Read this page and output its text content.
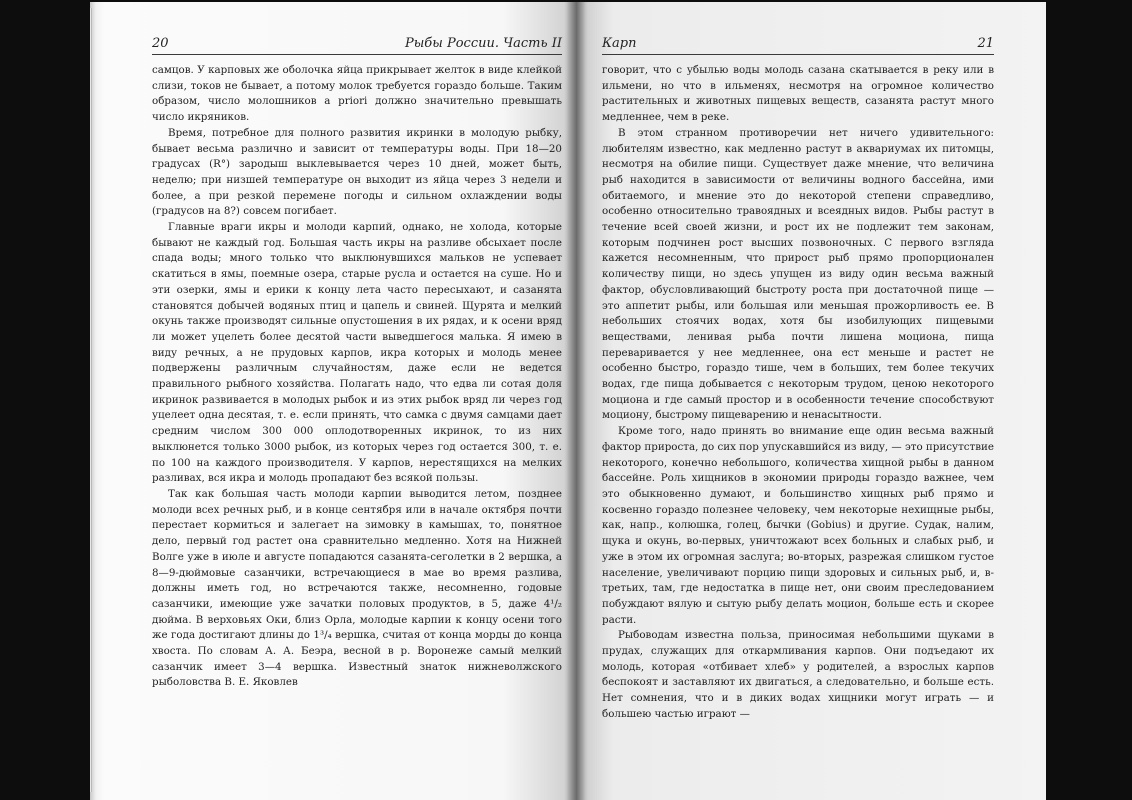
20	Рыбы России. Часть II

самцов. У карповых же оболочка яйца прикрывает желток в виде клейкой слизи, токов не бывает, а потому молок требуется гораздо больше. Таким образом, число молошников а priori должно значительно превышать число икряников.

Время, потребное для полного развития икринки в молодую рыбку, бывает весьма различно и зависит от температуры воды. При 18—20 градусах (R°) зародыш выклевывается через 10 дней, может быть, неделю; при низшей температуре он выходит из яйца через 3 недели и более, а при резкой перемене погоды и сильном охлаждении воды (градусов на 8?) совсем погибает.

Главные враги икры и молоди карпий, однако, не холода, которые бывают не каждый год. Большая часть икры на разливе обсыхает после спада воды; много только что выклюнувшихся мальков не успевает скатиться в ямы, поемные озера, старые русла и остается на суше. Но и эти озерки, ямы и ерики к концу лета часто пересыхают, и сазанята становятся добычей водяных птиц и цапель и свиней. Щурята и мелкий окунь также производят сильные опустошения в их рядах, и к осени вряд ли может уцелеть более десятой части выведшегося малька. Я имею в виду речных, а не прудовых карпов, икра которых и молодь менее подвержены различным случайностям, даже если не ведется правильного рыбного хозяйства. Полагать надо, что едва ли сотая доля икринок развивается в молодых рыбок и из этих рыбок вряд ли через год уцелеет одна десятая, т. е. если принять, что самка с двумя самцами дает средним числом 300 000 оплодотворенных икринок, то из них выклюнется только 3000 рыбок, из которых через год остается 300, т. е. по 100 на каждого производителя. У карпов, нерестящихся на мелких разливах, вся икра и молодь пропадают без всякой пользы.

Так как большая часть молоди карпии выводится летом, позднее молоди всех речных рыб, и в конце сентября или в начале октября почти перестает кормиться и залегает на зимовку в камышах, то, понятное дело, первый год растет она сравнительно медленно. Хотя на Нижней Волге уже в июле и августе попадаются сазанята-сеголетки в 2 вершка, а 8—9-дюймовые сазанчики, встречающиеся в мае во время разлива, должны иметь год, но встречаются также, несомненно, годовые сазанчики, имеющие уже зачатки половых продуктов, в 5, даже 4¹/₂ дюйма. В верховьях Оки, близ Орла, молодые карпии к концу осени того же года достигают длины до 1³/₄ вершка, считая от конца морды до конца хвоста. По словам А. А. Беэра, весной в р. Воронеже самый мелкий сазанчик имеет 3—4 вершка. Известный знаток нижневолжского рыболовства В. Е. Яковлев

Карп	21

говорит, что с убылью воды молодь сазана скатывается в реку или в ильмени, но что в ильменях, несмотря на огромное количество растительных и животных пищевых веществ, сазанята растут много медленнее, чем в реке.

В этом странном противоречии нет ничего удивительного: любителям известно, как медленно растут в аквариумах их питомцы, несмотря на обилие пищи. Существует даже мнение, что величина рыб находится в зависимости от величины водного бассейна, ими обитаемого, и мнение это до некоторой степени справедливо, особенно относительно травоядных и всеядных видов. Рыбы растут в течение всей своей жизни, и рост их не подлежит тем законам, которым подчинен рост высших позвоночных. С первого взгляда кажется несомненным, что прирост рыб прямо пропорционален количеству пищи, но здесь упущен из виду один весьма важный фактор, обусловливающий быстроту роста при достаточной пище — это аппетит рыбы, или большая или меньшая прожорливость ее. В небольших стоячих водах, хотя бы изобилующих пищевыми веществами, ленивая рыба почти лишена моциона, пища переваривается у нее медленнее, она ест меньше и растет не особенно быстро, гораздо тише, чем в больших, тем более текучих водах, где пища добывается с некоторым трудом, ценою некоторого моциона и где самый простор и в особенности течение способствуют моциону, быстрому пищеварению и ненасытности.

Кроме того, надо принять во внимание еще один весьма важный фактор прироста, до сих пор упускавшийся из виду, — это присутствие некоторого, конечно небольшого, количества хищной рыбы в данном бассейне. Роль хищников в экономии природы гораздо важнее, чем это обыкновенно думают, и большинство хищных рыб прямо и косвенно гораздо полезнее человеку, чем некоторые нехищные рыбы, как, напр., колюшка, голец, бычки (Gobius) и другие. Судак, налим, щука и окунь, во-первых, уничтожают всех больных и слабых рыб, и уже в этом их огромная заслуга; во-вторых, разрежая слишком густое население, увеличивают порцию пищи здоровых и сильных рыб, и, в-третьих, там, где недостатка в пище нет, они своим преследованием побуждают вялую и сытую рыбу делать моцион, больше есть и скорее расти.

Рыбоводам известна польза, приносимая небольшими щуками в прудах, служащих для откармливания карпов. Они подъедают их молодь, которая «отбивает хлеб» у родителей, а взрослых карпов беспокоят и заставляют их двигаться, а следовательно, и больше есть. Нет сомнения, что и в диких водах хищники могут играть — и большею частью играют —
